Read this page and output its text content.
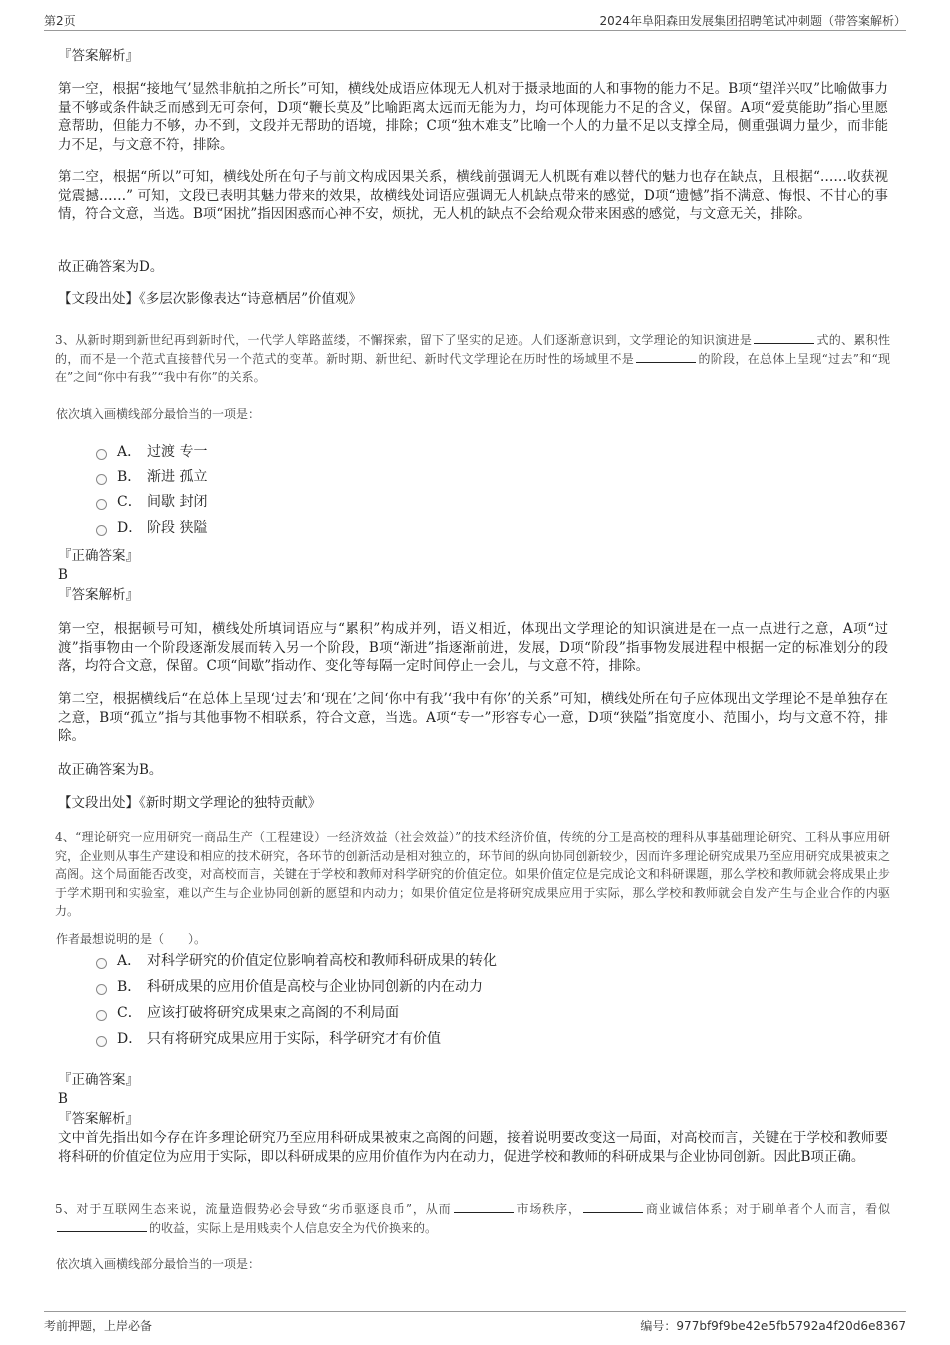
第2页	2024年阜阳森田发展集团招聘笔试冲刺题（带答案解析）
『答案解析』
第一空，根据“接地气’显然非航拍之所长”可知，横线处成语应体现无人机对于摄录地面的人和事物的能力不足。B项“望洋兴叹”比喻做事力量不够或条件缺乏而感到无可奈何，D项“鞭长莫及”比喻距离太远而无能为力，均可体现能力不足的含义，保留。A项“爱莫能助”指心里愿意帮助，但能力不够，办不到，文段并无帮助的语境，排除；C项“独木难支”比喻一个人的力量不足以支撑全局，侧重强调力量少，而非能力不足，与文意不符，排除。
第二空，根据“所以”可知，横线处所在句子与前文构成因果关系，横线前强调无人机既有难以替代的魅力也存在缺点，且根据“……收获视觉震撼……” 可知，文段已表明其魅力带来的效果，故横线处词语应强调无人机缺点带来的感觉，D项“遗憾”指不满意、悔恨、不甘心的事情，符合文意，当选。B项“困扰”指因困惑而心神不安，烦扰，无人机的缺点不会给观众带来困惑的感觉，与文意无关，排除。
故正确答案为D。
【文段出处】《多层次影像表达“诗意栖居”价值观》
3、从新时期到新世纪再到新时代，一代学人筚路蓝缕，不懈探索，留下了坚实的足迹。人们逐渐意识到，文学理论的知识演进是	式的、累积性的，而不是一个范式直接替代另一个范式的变革。新时期、新世纪、新时代文学理论在历时性的场域里不是	的阶段，在总体上呈现“过去”和“现在”之间“你中有我”“我中有你”的关系。
依次填入画横线部分最恰当的一项是：
A． 过渡 专一
B． 渐进 孤立
C． 间歇 封闭
D． 阶段 狭隘
『正确答案』
B
『答案解析』
第一空，根据顿号可知，横线处所填词语应与“累积”构成并列，语义相近，体现出文学理论的知识演进是在一点一点进行之意，A项“过渡”指事物由一个阶段逐渐发展而转入另一个阶段，B项“渐进”指逐渐前进，发展，D项“阶段”指事物发展进程中根据一定的标准划分的段落，均符合文意，保留。C项“间歇”指动作、变化等每隔一定时间停止一会儿，与文意不符，排除。
第二空，根据横线后“在总体上呈现‘过去’和‘现在’之间‘你中有我’‘我中有你’的关系”可知，横线处所在句子应体现出文学理论不是单独存在之意，B项“孤立”指与其他事物不相联系，符合文意，当选。A项“专一”形容专心一意，D项“狭隘”指宽度小、范围小，均与文意不符，排除。
故正确答案为B。
【文段出处】《新时期文学理论的独特贡献》
4、“理论研究一应用研究一商品生产（工程建设）一经济效益（社会效益）”的技术经济价值，传统的分工是高校的理科从事基础理论研究、工科从事应用研究，企业则从事生产建设和相应的技术研究，各环节的创新活动是相对独立的，环节间的纵向协同创新较少，因而许多理论研究成果乃至应用研究成果被束之高阁。这个局面能否改变，对高校而言，关键在于学校和教师对科学研究的价值定位。如果价值定位是完成论文和科研课题，那么学校和教师就会将成果止步于学术期刊和实验室，难以产生与企业协同创新的愿望和内动力；如果价值定位是将研究成果应用于实际，那么学校和教师就会自发产生与企业合作的内驱力。
作者最想说明的是（　　）。
A． 对科学研究的价值定位影响着高校和教师科研成果的转化
B． 科研成果的应用价值是高校与企业协同创新的内在动力
C． 应该打破将研究成果束之高阁的不利局面
D． 只有将研究成果应用于实际，科学研究才有价值
『正确答案』
B
『答案解析』
文中首先指出如今存在许多理论研究乃至应用科研成果被束之高阁的问题，接着说明要改变这一局面，对高校而言，关键在于学校和教师要将科研的价值定位为应用于实际，即以科研成果的应用价值作为内在动力，促进学校和教师的科研成果与企业协同创新。因此B项正确。
5、对于互联网生态来说，流量造假势必会导致“劣币驱逐良币”，从而	市场秩序，	商业诚信体系；对于刷单者个人而言，看似的收益，实际上是用贱卖个人信息安全为代价换来的。
依次填入画横线部分最恰当的一项是：
考前押题，上岸必备	编号：977bf9f9be42e5fb5792a4f20d6e8367
